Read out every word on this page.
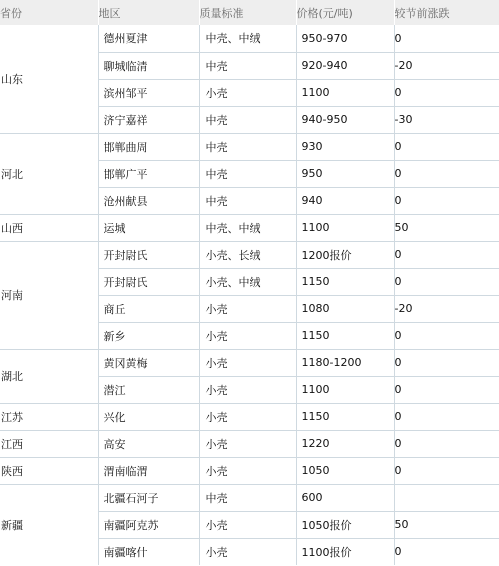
省份	地区	质量标准	价格(元/吨)	较节前涨跌
山东	德州夏津	中壳、中绒	950-970	0
	聊城临清	中壳	920-940	-20
	滨州邹平	小壳	1100	0
	济宁嘉祥	中壳	940-950	-30
河北	邯郸曲周	中壳	930	0
	邯郸广平	中壳	950	0
	沧州献县	中壳	940	0
山西	运城	中壳、中绒	1100	50
河南	开封尉氏	小壳、长绒	1200报价	0
	开封尉氏	小壳、中绒	1150	0
	商丘	小壳	1080	-20
	新乡	小壳	1150	0
湖北	黄冈黄梅	小壳	1180-1200	0
	潜江	小壳	1100	0
江苏	兴化	小壳	1150	0
江西	高安	小壳	1220	0
陕西	渭南临渭	小壳	1050	0
新疆	北疆石河子	中壳	600	
	南疆阿克苏	小壳	1050报价	50
	南疆喀什	小壳	1100报价	0
